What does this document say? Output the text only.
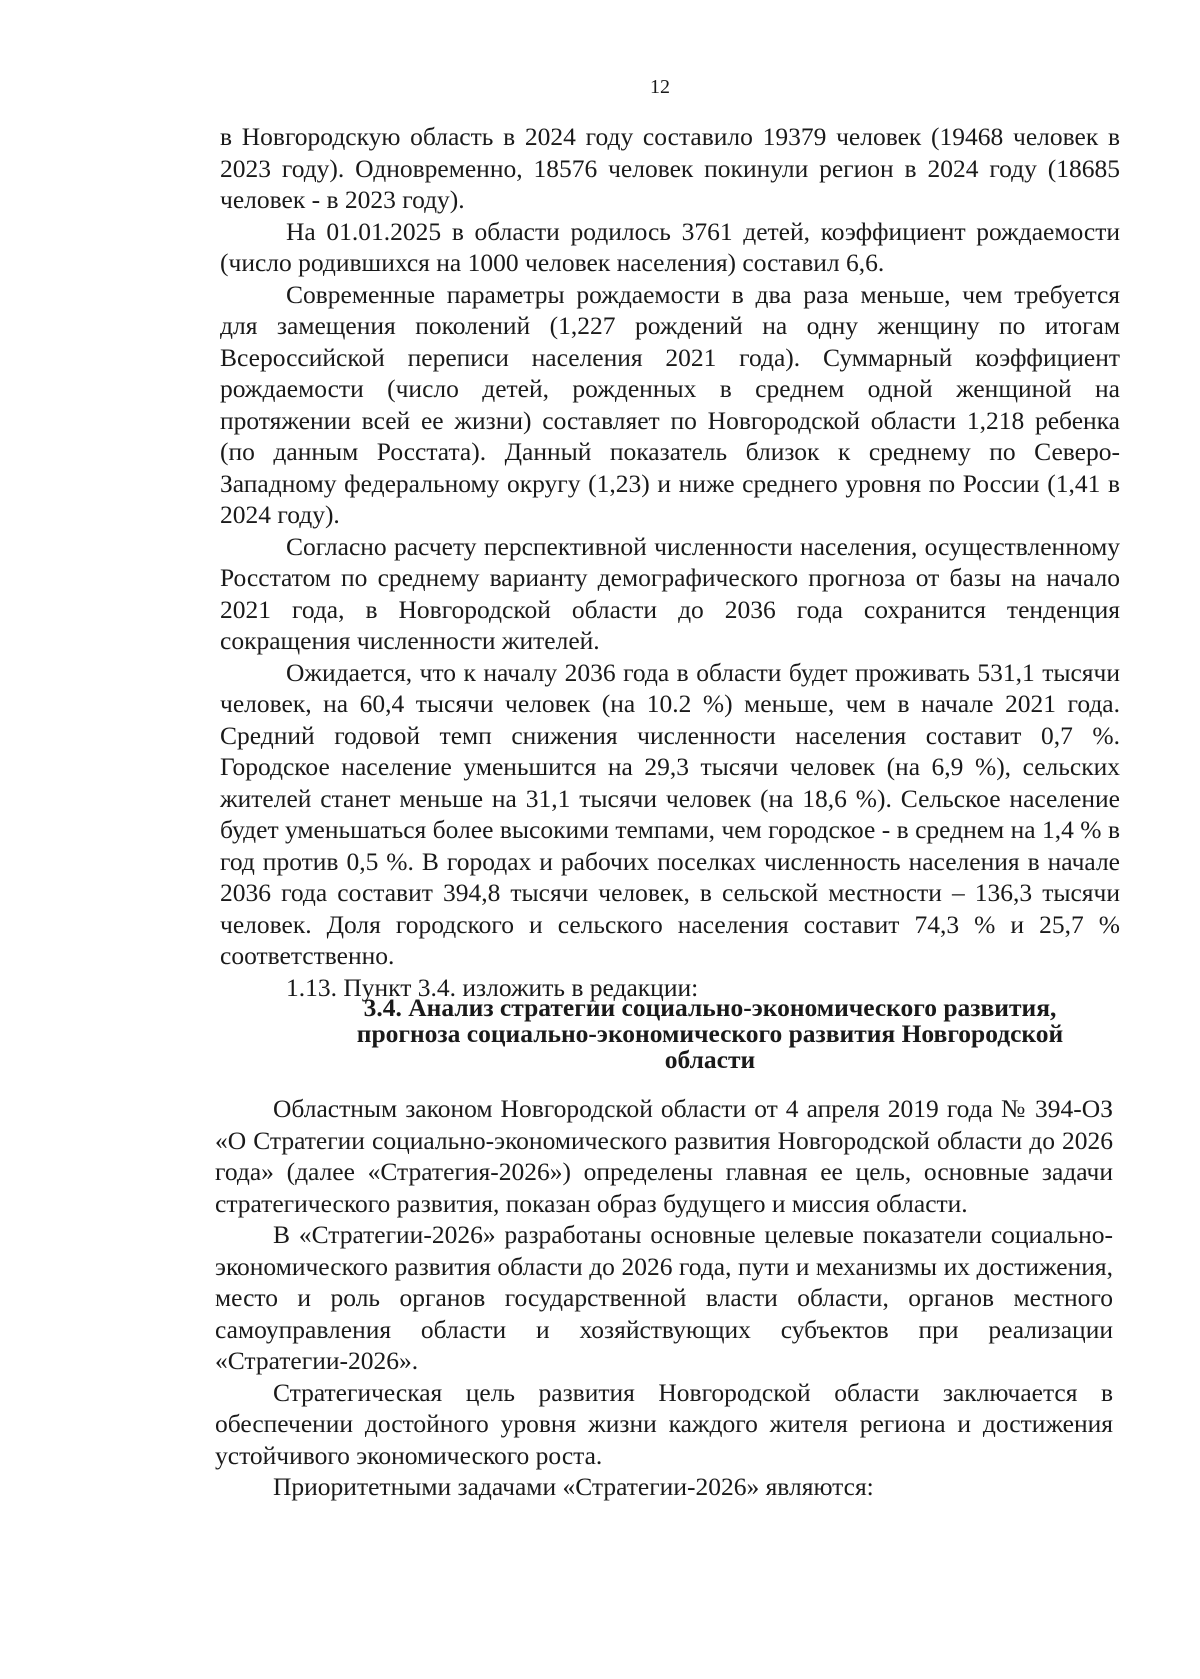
12

в Новгородскую область в 2024 году составило 19379 человек (19468 человек в 2023 году). Одновременно, 18576 человек покинули регион в 2024 году (18685 человек - в 2023 году).

На 01.01.2025 в области родилось 3761 детей, коэффициент рождаемости (число родившихся на 1000 человек населения) составил 6,6.

Современные параметры рождаемости в два раза меньше, чем требуется для замещения поколений (1,227 рождений на одну женщину по итогам Всероссийской переписи населения 2021 года). Суммарный коэффициент рождаемости (число детей, рожденных в среднем одной женщиной на протяжении всей ее жизни) составляет по Новгородской области 1,218 ребенка (по данным Росстата). Данный показатель близок к среднему по Северо-Западному федеральному округу (1,23) и ниже среднего уровня по России (1,41 в 2024 году).

Согласно расчету перспективной численности населения, осуществленному Росстатом по среднему варианту демографического прогноза от базы на начало 2021 года, в Новгородской области до 2036 года сохранится тенденция сокращения численности жителей.

Ожидается, что к началу 2036 года в области будет проживать 531,1 тысячи человек, на 60,4 тысячи человек (на 10.2 %) меньше, чем в начале 2021 года. Средний годовой темп снижения численности населения составит 0,7 %. Городское население уменьшится на 29,3 тысячи человек (на 6,9 %), сельских жителей станет меньше на 31,1 тысячи человек (на 18,6 %). Сельское население будет уменьшаться более высокими темпами, чем городское - в среднем на 1,4 % в год против 0,5 %. В городах и рабочих поселках численность населения в начале 2036 года составит 394,8 тысячи человек, в сельской местности – 136,3 тысячи человек. Доля городского и сельского населения составит 74,3 % и 25,7 % соответственно.

1.13. Пункт 3.4. изложить в редакции:

3.4. Анализ стратегии социально-экономического развития,
прогноза социально-экономического развития Новгородской
области

Областным законом Новгородской области от 4 апреля 2019 года № 394-ОЗ «О Стратегии социально-экономического развития Новгородской области до 2026 года» (далее «Стратегия-2026») определены главная ее цель, основные задачи стратегического развития, показан образ будущего и миссия области.

В «Стратегии-2026» разработаны основные целевые показатели социально-экономического развития области до 2026 года, пути и механизмы их достижения, место и роль органов государственной власти области, органов местного самоуправления области и хозяйствующих субъектов при реализации «Стратегии-2026».

Стратегическая цель развития Новгородской области заключается в обеспечении достойного уровня жизни каждого жителя региона и достижения устойчивого экономического роста.

Приоритетными задачами «Стратегии-2026» являются:
